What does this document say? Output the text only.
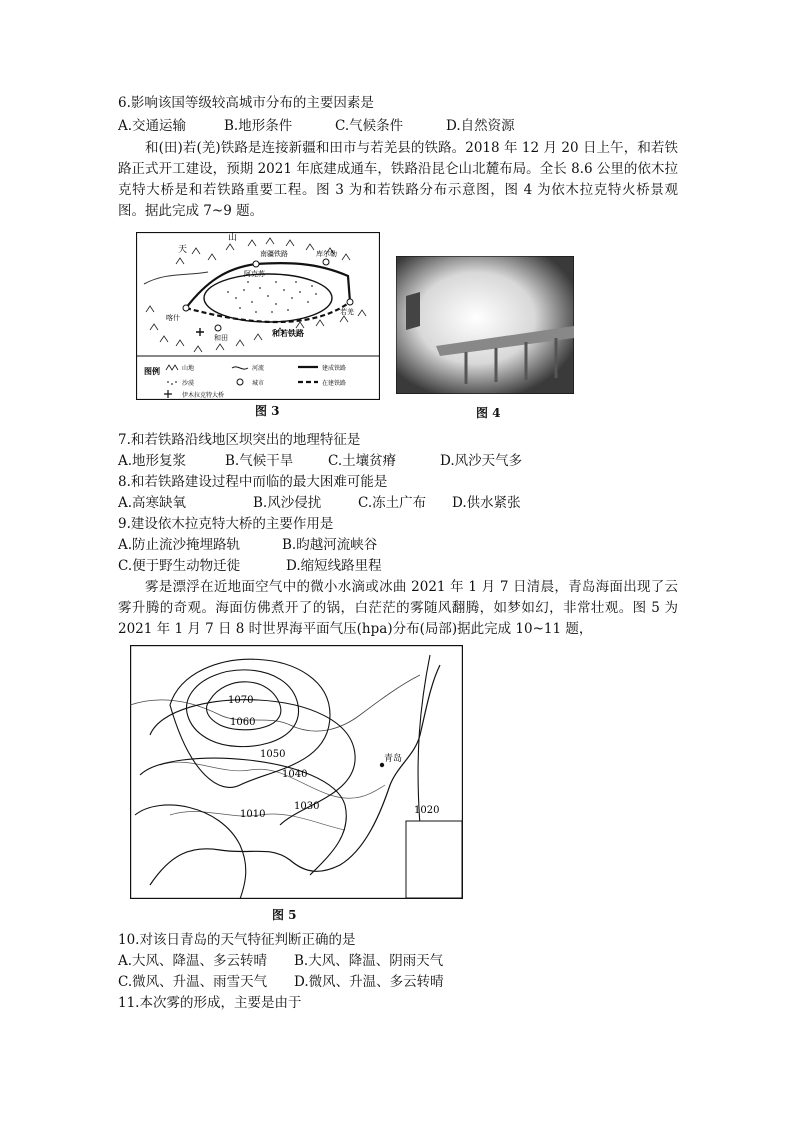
6.影响该国等级较高城市分布的主要因素是
A.交通运输	B.地形条件	C.气候条件	D.自然资源
和(田)若(羌)铁路是连接新疆和田市与若羌县的铁路。2018 年 12 月 20 日上午，和若铁路正式开工建设，预期 2021 年底建成通车，铁路沿昆仑山北麓布局。全长 8.6 公里的依木拉克特大桥是和若铁路重要工程。图 3 为和若铁路分布示意图，图 4 为依木拉克特火桥景观图。据此完成 7~9 题。
天
山
喀什
和田
若羌
阿克苏
库尔勒
南疆铁路
和若铁路
图例	山地	河流	建成铁路
沙漠	城市	在建铁路
伊木拉克特大桥
图 3	图 4
7.和若铁路沿线地区坝突出的地理特征是
A.地形复浆	B.气候干旱	C.土壤贫瘠	D.风沙天气多
8.和若铁路建设过程中而临的最大困难可能是
A.高寒缺氧	B.风沙侵扰	C.冻土广布 D.供水紧张
9.建设依木拉克特大桥的主要作用是
A.防止流沙掩埋路轨	B.昀越河流峡谷
C.便于野生动物迁徙	D.缩短线路里程
雾是漂浮在近地面空气中的微小水滴或冰曲 2021 年 1 月 7 日清晨，青岛海面出现了云雾升腾的奇观。海面仿佛煮开了的锅，白茫茫的雾随风翻腾，如梦如幻，非常壮观。图 5 为 2021 年 1 月 7 日 8 时世界海平面气压(hpa)分布(局部)据此完成 10~11 题，
1070
1060
1050
1040
1030
1010	1020
青岛
图 5
10.对该日青岛的天气特征判断正确的是
A.大风、降温、多云转晴 B.大风、降温、阴雨天气
C.微风、升温、雨雪天气 D.微风、升温、多云转晴
11.本次雾的形成，主要是由于
